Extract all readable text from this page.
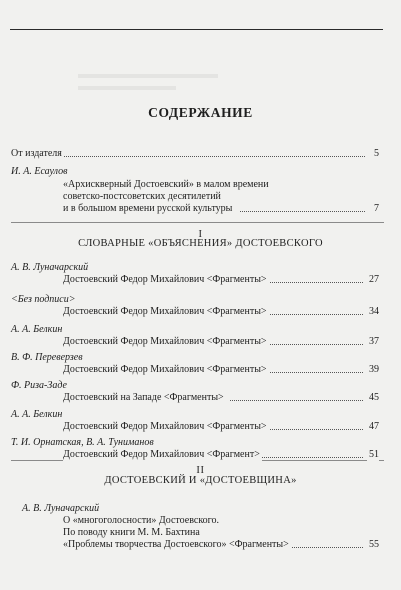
СОДЕРЖАНИЕ
От издателя	5
И. А. Есаулов
«Архискверный Достоевский» в малом времени
советско-постсоветских десятилетий
и в большом времени русской культуры	7
I
СЛОВАРНЫЕ «ОБЪЯСНЕНИЯ» ДОСТОЕВСКОГО
А. В. Луначарский
Достоевский Федор Михайлович <Фрагменты>	27
<Без подписи>
Достоевский Федор Михайлович <Фрагменты>	34
А. А. Белкин
Достоевский Федор Михайлович <Фрагменты>	37
В. Ф. Переверзев
Достоевский Федор Михайлович <Фрагменты>	39
Ф. Риза-Заде
Достоевский на Западе <Фрагменты>	45
А. А. Белкин
Достоевский Федор Михайлович <Фрагменты>	47
Т. И. Орнатская, В. А. Туниманов
Достоевский Федор Михайлович <Фрагмент>	51
II
ДОСТОЕВСКИЙ И «ДОСТОЕВЩИНА»
А. В. Луначарский
О «многоголосности» Достоевского.
По поводу книги М. М. Бахтина
«Проблемы творчества Достоевского» <Фрагменты>	55
